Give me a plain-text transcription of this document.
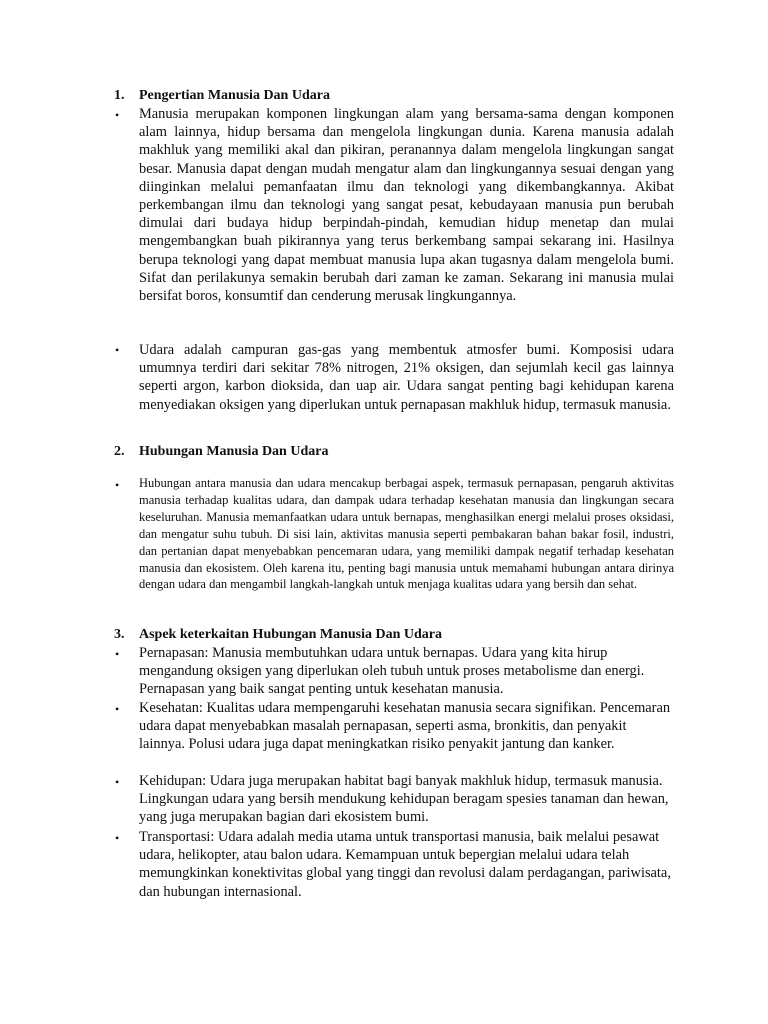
1. Pengertian Manusia Dan Udara
• Manusia merupakan komponen lingkungan alam yang bersama-sama dengan komponen alam lainnya, hidup bersama dan mengelola lingkungan dunia. Karena manusia adalah makhluk yang memiliki akal dan pikiran, peranannya dalam mengelola lingkungan sangat besar. Manusia dapat dengan mudah mengatur alam dan lingkungannya sesuai dengan yang diinginkan melalui pemanfaatan ilmu dan teknologi yang dikembangkannya. Akibat perkembangan ilmu dan teknologi yang sangat pesat, kebudayaan manusia pun berubah dimulai dari budaya hidup berpindah-pindah, kemudian hidup menetap dan mulai mengembangkan buah pikirannya yang terus berkembang sampai sekarang ini. Hasilnya berupa teknologi yang dapat membuat manusia lupa akan tugasnya dalam mengelola bumi. Sifat dan perilakunya semakin berubah dari zaman ke zaman. Sekarang ini manusia mulai bersifat boros, konsumtif dan cenderung merusak lingkungannya.
• Udara adalah campuran gas-gas yang membentuk atmosfer bumi. Komposisi udara umumnya terdiri dari sekitar 78% nitrogen, 21% oksigen, dan sejumlah kecil gas lainnya seperti argon, karbon dioksida, dan uap air. Udara sangat penting bagi kehidupan karena menyediakan oksigen yang diperlukan untuk pernapasan makhluk hidup, termasuk manusia.
2. Hubungan Manusia Dan Udara
• Hubungan antara manusia dan udara mencakup berbagai aspek, termasuk pernapasan, pengaruh aktivitas manusia terhadap kualitas udara, dan dampak udara terhadap kesehatan manusia dan lingkungan secara keseluruhan. Manusia memanfaatkan udara untuk bernapas, menghasilkan energi melalui proses oksidasi, dan mengatur suhu tubuh. Di sisi lain, aktivitas manusia seperti pembakaran bahan bakar fosil, industri, dan pertanian dapat menyebabkan pencemaran udara, yang memiliki dampak negatif terhadap kesehatan manusia dan ekosistem. Oleh karena itu, penting bagi manusia untuk memahami hubungan antara dirinya dengan udara dan mengambil langkah-langkah untuk menjaga kualitas udara yang bersih dan sehat.
3. Aspek keterkaitan Hubungan Manusia Dan Udara
• Pernapasan: Manusia membutuhkan udara untuk bernapas. Udara yang kita hirup mengandung oksigen yang diperlukan oleh tubuh untuk proses metabolisme dan energi. Pernapasan yang baik sangat penting untuk kesehatan manusia.
• Kesehatan: Kualitas udara mempengaruhi kesehatan manusia secara signifikan. Pencemaran udara dapat menyebabkan masalah pernapasan, seperti asma, bronkitis, dan penyakit lainnya. Polusi udara juga dapat meningkatkan risiko penyakit jantung dan kanker.
• Kehidupan: Udara juga merupakan habitat bagi banyak makhluk hidup, termasuk manusia. Lingkungan udara yang bersih mendukung kehidupan beragam spesies tanaman dan hewan, yang juga merupakan bagian dari ekosistem bumi.
• Transportasi: Udara adalah media utama untuk transportasi manusia, baik melalui pesawat udara, helikopter, atau balon udara. Kemampuan untuk bepergian melalui udara telah memungkinkan konektivitas global yang tinggi dan revolusi dalam perdagangan, pariwisata, dan hubungan internasional.
